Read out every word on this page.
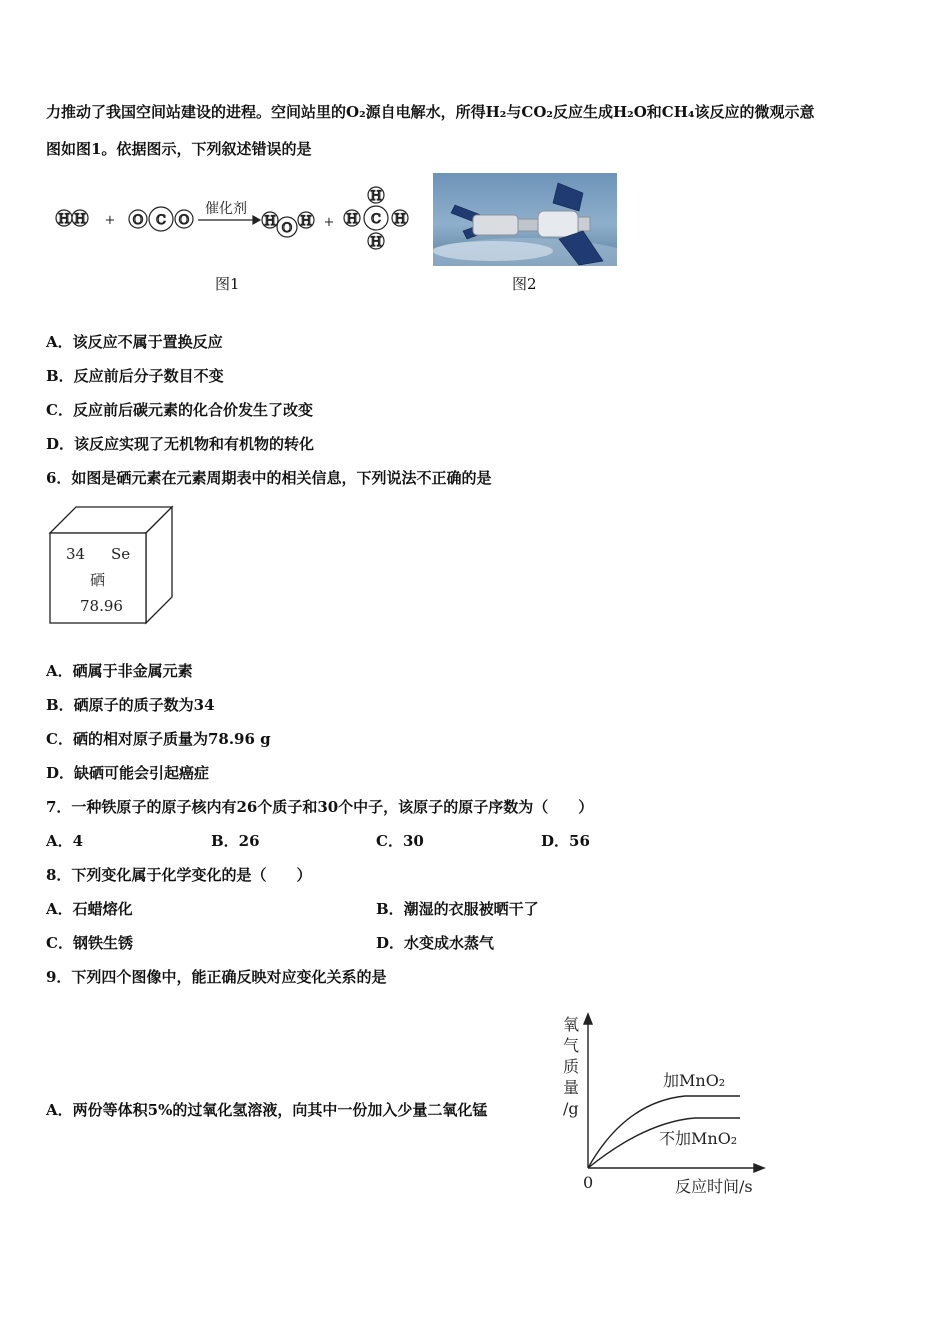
力推动了我国空间站建设的进程。空间站里的O₂源自电解水，所得H₂与CO₂反应生成H₂O和CH₄该反应的微观示意
图如图1。依据图示，下列叙述错误的是
H H + O C O
催化剂
H O H +	C
H
H
H	H
图1	图2
A．该反应不属于置换反应
B．反应前后分子数目不变
C．反应前后碳元素的化合价发生了改变
D．该反应实现了无机物和有机物的转化
6．如图是硒元素在元素周期表中的相关信息，下列说法不正确的是
34 Se
硒
78.96
A．硒属于非金属元素
B．硒原子的质子数为34
C．硒的相对原子质量为78.96 g
D．缺硒可能会引起癌症
7．一种铁原子的原子核内有26个质子和30个中子，该原子的原子序数为（　　）
A．4	B．26	C．30	D．56
8．下列变化属于化学变化的是（　　）
A．石蜡熔化	B．潮湿的衣服被晒干了
C．钢铁生锈	D．水变成水蒸气
9．下列四个图像中，能正确反映对应变化关系的是
A．两份等体积5%的过氧化氢溶液，向其中一份加入少量二氧化锰
氧
气
质
量
/g
0	反应时间/s
加MnO₂
不加MnO₂
